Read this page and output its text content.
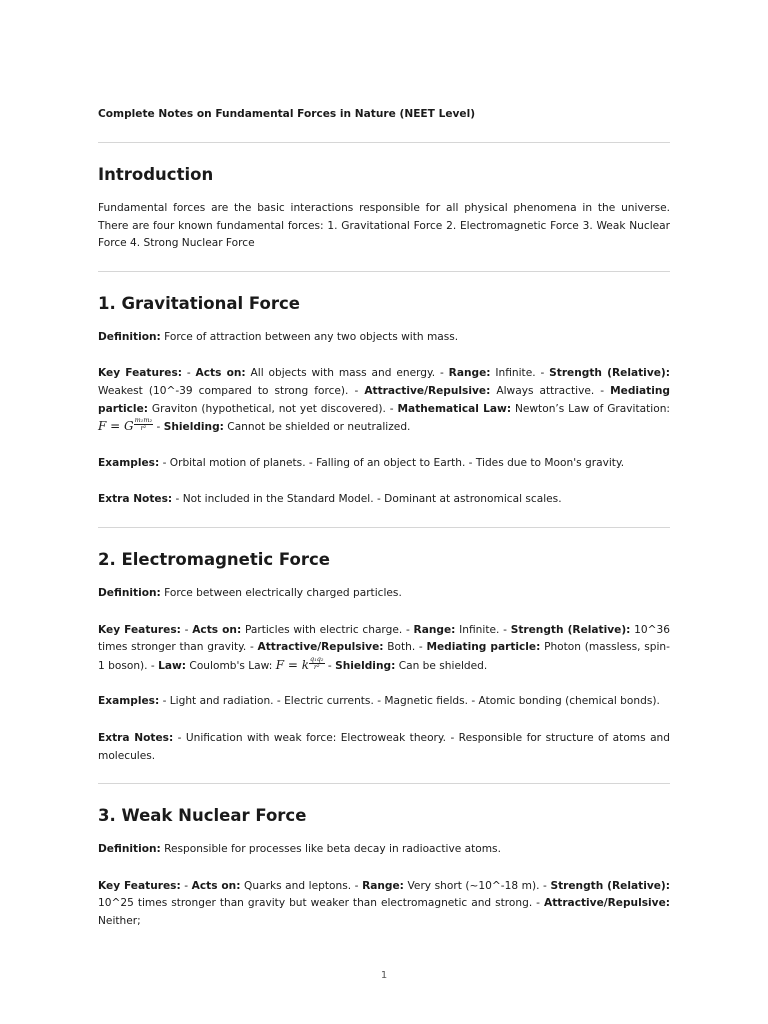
Complete Notes on Fundamental Forces in Nature (NEET Level)
Introduction

Fundamental forces are the basic interactions responsible for all physical phenomena in the universe. There are four known fundamental forces: 1. Gravitational Force 2. Electromagnetic Force 3. Weak Nuclear Force 4. Strong Nuclear Force

1. Gravitational Force

Definition: Force of attraction between any two objects with mass.

Key Features: - Acts on: All objects with mass and energy. - Range: Infinite. - Strength (Relative): Weakest (10^-39 compared to strong force). - Attractive/Repulsive: Always attractive. - Mediating particle: Graviton (hypothetical, not yet discovered). - Mathematical Law: Newton’s Law of Gravitation: F = G $\frac{\text{m₁m₂}}{\text{r²}}$ - Shielding: Cannot be shielded or neutralized.

Examples: - Orbital motion of planets. - Falling of an object to Earth. - Tides due to Moon's gravity.

Extra Notes: - Not included in the Standard Model. - Dominant at astronomical scales.

2. Electromagnetic Force

Definition: Force between electrically charged particles.

Key Features: - Acts on: Particles with electric charge. - Range: Infinite. - Strength (Relative): 10^36 times stronger than gravity. - Attractive/Repulsive: Both. - Mediating particle: Photon (massless, spin-1 boson). - Law: Coulomb's Law: F = k $\frac{\text{q₁q₂}}{\text{r²}}$ - Shielding: Can be shielded.

Examples: - Light and radiation. - Electric currents. - Magnetic fields. - Atomic bonding (chemical bonds).

Extra Notes: - Unification with weak force: Electroweak theory. - Responsible for structure of atoms and molecules.

3. Weak Nuclear Force

Definition: Responsible for processes like beta decay in radioactive atoms.

Key Features: - Acts on: Quarks and leptons. - Range: Very short (~10^-18 m). - Strength (Relative): 10^25 times stronger than gravity but weaker than electromagnetic and strong. - Attractive/Repulsive: Neither;

1
